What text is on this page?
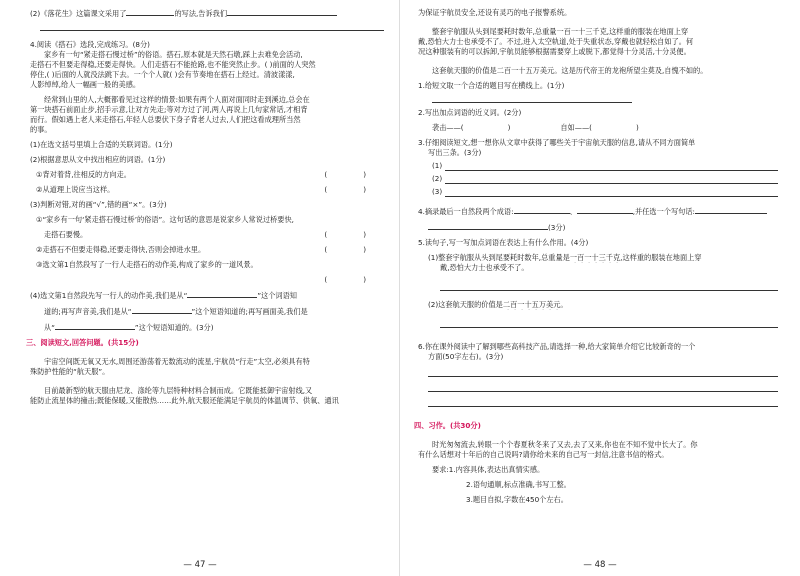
(2)《落花生》这篇课文采用了	的写法,告诉我们
4.阅读《搭石》选段,完成练习。(8分)
家乡有一句“紧走搭石慢过桥”的俗语。搭石,原本就是天然石墩,踩上去难免会活动,
走搭石不但要走得稳,还要走得快。人们走搭石不能抢路,也不能突然止步。( )前面的人突然
停住,( )后面的人就没法跳下去。一个个人就( )会有节奏地在搭石上经过。清波漾漾,
人影绰绰,给人一幅画一般的美感。
经常到山里的人,大概都看见过这样的情景:如果有两个人面对面同时走到溪边,总会在
第一块搭石前面止步,招手示意,让对方先走;等对方过了河,两人再说上几句家常话,才相背
而行。假如遇上老人来走搭石,年轻人总要伏下身子背老人过去,人们把这看成理所当然
的事。
(1)在选文括号里填上合适的关联词语。(1分)
(2)根据意思从文中找出相应的词语。(1分)
①背对着背,往相反的方向走。	(	)
②从道理上说应当这样。	(	)
(3)判断对错,对的画“√”,错的画“×”。(3分)
①“家乡有一句‘紧走搭石慢过桥’的俗语”。这句话的意思是说家乡人常说过桥要快,
走搭石要慢。	(	)
②走搭石不但要走得稳,还要走得快,否则会掉进水里。	(	)
③选文第1自然段写了一行人走搭石的动作美,构成了家乡的一道风景。
(	)

(4)选文第1自然段先写一行人的动作美,我们是从“	”这个词语知
道的;再写声音美,我们是从“	”这个短语知道的;再写画面美,我们是
从“	”这个短语知道的。(3分)
三、阅读短文,回答问题。(共15分)
宇宙空间既无氧又无水,周围还游荡着无数流动的流星,宇航员“行走”太空,必须具有特
殊防护性能的“航天服”。
目前最新型的航天服由尼龙、涤纶等九层特种材料合制而成。它既能抵御宇宙射线,又
能防止流星体的撞击;既能保暖,又能散热……此外,航天服还能满足宇航员的体温调节、供氧、通讯
— 47 —
为保证宇航员安全,还设有灵巧的电子报警系统。
整套宇航服从头到尾要耗时数年,总重量一百一十三千克,这样重的服装在地面上穿
戴,恐怕大力士也承受不了。不过,进入太空轨道,处于失重状态,穿戴也就轻松自如了。何
况这种服装有的可以拆卸,宇航员能够根据需要穿上或脱下,都觉得十分灵活,十分灵便。
这套航天服的价值是二百一十五万美元。这是历代帝王的龙袍所望尘莫及,自愧不如的。
1.给短文取一个合适的题目写在横线上。(1分)
2.写出加点词语的近义词。(2分)
袭击——(	)	自如——(	)
3.仔细阅读短文,想一想你从文章中获得了哪些关于宇宙航天服的信息,请从不同方面简单
写出三条。(3分)
(1)
(2)
(3)
4.摘录最后一自然段两个成语:	、	,并任选一个写句话:
(3分)
5.读句子,写一写加点词语在表达上有什么作用。(4分)
(1)整套宇航服从头到尾要耗时数年,总重量是一百一十三千克,这样重的服装在地面上穿
戴,恐怕大力士也承受不了。
(2)这套航天服的价值是二百一十五万美元。
6.你在课外阅读中了解到哪些高科技产品,请选择一种,给大家简单介绍它比较新奇的一个
方面(50字左右)。(3分)
四、习作。(共30分)
时光匆匆流去,转眼一个个春夏秋冬来了又去,去了又来,你也在不知不觉中长大了。你
有什么话想对十年后的自己说吗?请你给未来的自己写一封信,注意书信的格式。
要求:1.内容具体,表达出真情实感。
2.语句通顺,标点准确,书写工整。
3.题目自拟,字数在450个左右。
— 48 —
